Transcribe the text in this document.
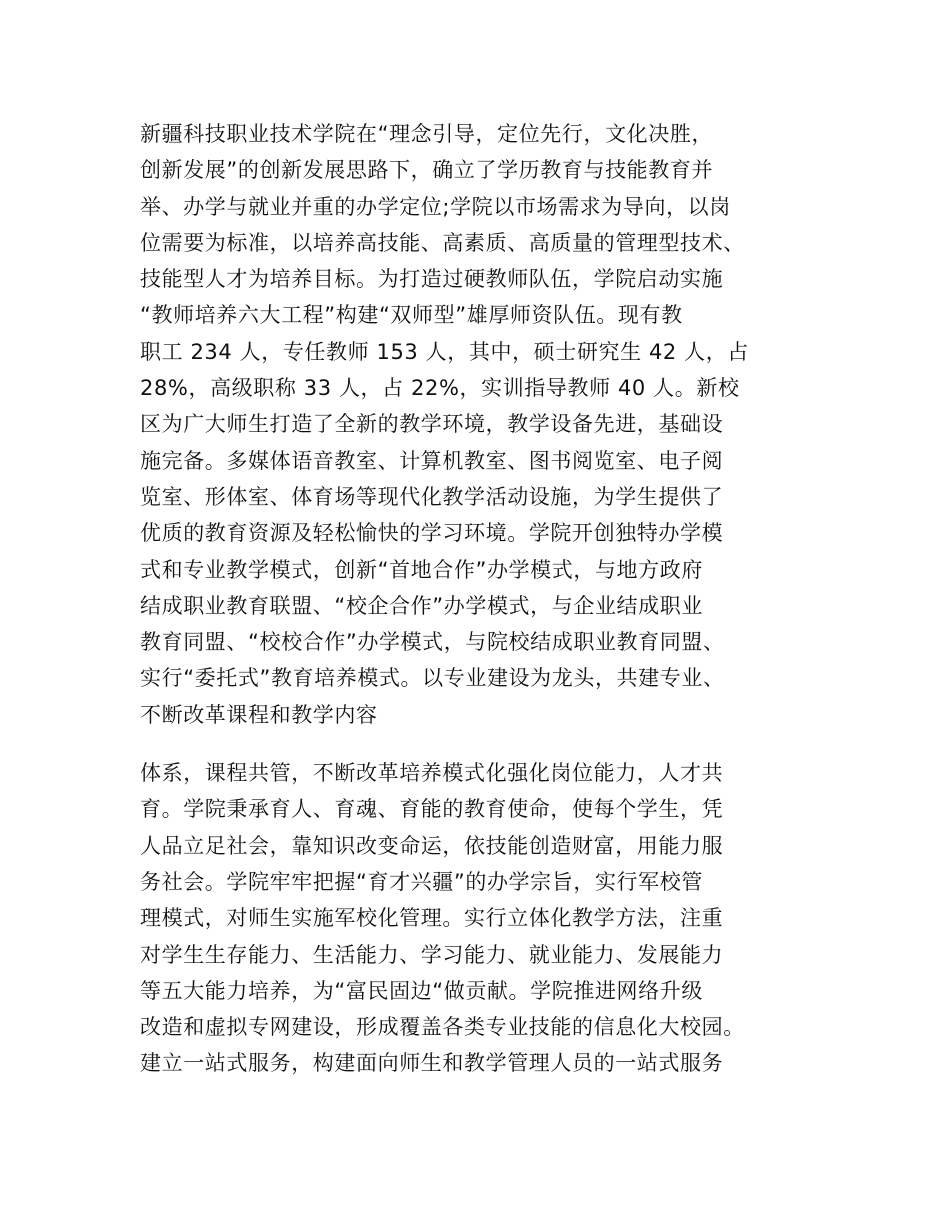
新疆科技职业技术学院在“理念引导，定位先行，文化决胜，
创新发展”的创新发展思路下，确立了学历教育与技能教育并
举、办学与就业并重的办学定位;学院以市场需求为导向，以岗
位需要为标准，以培养高技能、高素质、高质量的管理型技术、
技能型人才为培养目标。为打造过硬教师队伍，学院启动实施
“教师培养六大工程”构建“双师型”雄厚师资队伍。现有教
职工 234 人，专任教师 153 人，其中，硕士研究生 42 人，占
28%，高级职称 33 人，占 22%，实训指导教师 40 人。新校
区为广大师生打造了全新的教学环境，教学设备先进，基础设
施完备。多媒体语音教室、计算机教室、图书阅览室、电子阅
览室、形体室、体育场等现代化教学活动设施，为学生提供了
优质的教育资源及轻松愉快的学习环境。学院开创独特办学模
式和专业教学模式，创新“首地合作”办学模式，与地方政府
结成职业教育联盟、“校企合作”办学模式，与企业结成职业
教育同盟、“校校合作”办学模式，与院校结成职业教育同盟、
实行“委托式”教育培养模式。以专业建设为龙头，共建专业、
不断改革课程和教学内容
体系，课程共管，不断改革培养模式化强化岗位能力，人才共
育。学院秉承育人、育魂、育能的教育使命，使每个学生，凭
人品立足社会，靠知识改变命运，依技能创造财富，用能力服
务社会。学院牢牢把握“育才兴疆”的办学宗旨，实行军校管
理模式，对师生实施军校化管理。实行立体化教学方法，注重
对学生生存能力、生活能力、学习能力、就业能力、发展能力
等五大能力培养，为“富民固边“做贡献。学院推进网络升级
改造和虚拟专网建设，形成覆盖各类专业技能的信息化大校园。
建立一站式服务，构建面向师生和教学管理人员的一站式服务
